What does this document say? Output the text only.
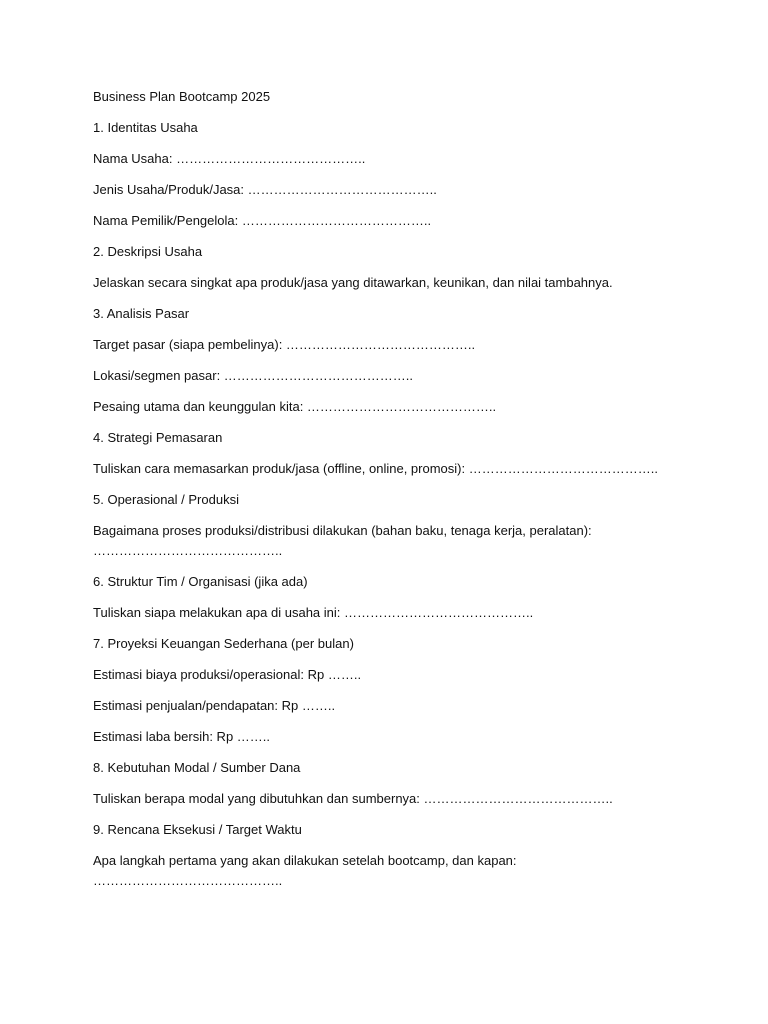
Business Plan Bootcamp 2025
1. Identitas Usaha
Nama Usaha: ……………………………………..
Jenis Usaha/Produk/Jasa: ……………………………………..
Nama Pemilik/Pengelola: ……………………………………..
2. Deskripsi Usaha
Jelaskan secara singkat apa produk/jasa yang ditawarkan, keunikan, dan nilai tambahnya.
3. Analisis Pasar
Target pasar (siapa pembelinya): ……………………………………..
Lokasi/segmen pasar: ……………………………………..
Pesaing utama dan keunggulan kita: ……………………………………..
4. Strategi Pemasaran
Tuliskan cara memasarkan produk/jasa (offline, online, promosi): ……………………………………..
5. Operasional / Produksi
Bagaimana proses produksi/distribusi dilakukan (bahan baku, tenaga kerja, peralatan): ……………………………………..
6. Struktur Tim / Organisasi (jika ada)
Tuliskan siapa melakukan apa di usaha ini: ……………………………………..
7. Proyeksi Keuangan Sederhana (per bulan)
Estimasi biaya produksi/operasional: Rp ……..
Estimasi penjualan/pendapatan: Rp ……..
Estimasi laba bersih: Rp ……..
8. Kebutuhan Modal / Sumber Dana
Tuliskan berapa modal yang dibutuhkan dan sumbernya: ……………………………………..
9. Rencana Eksekusi / Target Waktu
Apa langkah pertama yang akan dilakukan setelah bootcamp, dan kapan: ……………………………………..
